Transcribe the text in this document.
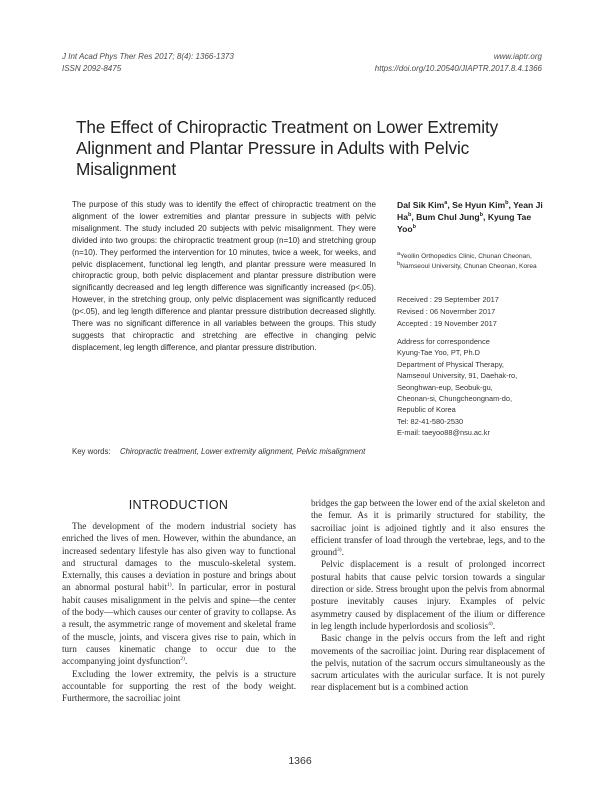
J Int Acad Phys Ther Res 2017; 8(4): 1366-1373
ISSN 2092-8475
www.iaptr.org
https://doi.org/10.20540/JIAPTR.2017.8.4.1366
The Effect of Chiropractic Treatment on Lower Extremity Alignment and Plantar Pressure in Adults with Pelvic Misalignment
The purpose of this study was to identify the effect of chiropractic treatment on the alignment of the lower extremities and plantar pressure in subjects with pelvic misalignment. The study included 20 subjects with pelvic misalignment. They were divided into two groups: the chiropractic treatment group (n=10) and stretching group (n=10). They performed the intervention for 10 minutes, twice a week, for weeks, and pelvic displacement, functional leg length, and plantar pressure were measured In chiropractic group, both pelvic displacement and plantar pressure distribution were significantly decreased and leg length difference was significantly increased (p<.05). However, in the stretching group, only pelvic displacement was significantly reduced (p<.05), and leg length difference and plantar pressure distribution decreased slightly. There was no significant difference in all variables between the groups. This study suggests that chiropractic and stretching are effective in changing pelvic displacement, leg length difference, and plantar pressure distribution.
Dal Sik Kim$^a$, Se Hyun Kim$^b$, Yean Ji Ha$^b$, Bum Chul Jung$^b$, Kyung Tae Yoo$^b$
$^a$Yeollin Orthopedics Clinic, Chunan Cheonan,
$^b$Namseoul University, Chunan Cheonan, Korea
Received : 29 September 2017
Revised : 06 Novermber 2017
Accepted : 19 November 2017
Address for correspondence
Kyung-Tae Yoo, PT, Ph.D
Department of Physical Therapy,
Namseoul University, 91, Daehak-ro,
Seonghwan-eup, Seobuk-gu,
Cheonan-si, Chungcheongnam-do,
Republic of Korea
Tel: 82-41-580-2530
E-mail: taeyoo88@nsu.ac.kr
Key words:	Chiropractic treatment, Lower extremity alignment, Pelvic misalignment
INTRODUCTION

The development of the modern industrial society has enriched the lives of men. However, within the abundance, an increased sedentary lifestyle has also given way to functional and structural damages to the musculo-skeletal system. Externally, this causes a deviation in posture and brings about an abnormal postural habit$^{1)}$. In particular, error in postural habit causes misalignment in the pelvis and spine—the center of the body—which causes our center of gravity to collapse. As a result, the asymmetric range of movement and skeletal frame of the muscle, joints, and viscera gives rise to pain, which in turn causes kinematic change to occur due to the accompanying joint dysfunction$^{2)}$.

Excluding the lower extremity, the pelvis is a structure accountable for supporting the rest of the body weight. Furthermore, the sacroiliac joint

bridges the gap between the lower end of the axial skeleton and the femur. As it is primarily structured for stability, the sacroiliac joint is adjoined tightly and it also ensures the efficient transfer of load through the vertebrae, legs, and to the ground$^{3)}$.

Pelvic displacement is a result of prolonged incorrect postural habits that cause pelvic torsion towards a singular direction or side. Stress brought upon the pelvis from abnormal posture inevitably causes injury. Examples of pelvic asymmetry caused by displacement of the ilium or difference in leg length include hyperlordosis and scoliosis$^{4)}$.

Basic change in the pelvis occurs from the left and right movements of the sacroiliac joint. During rear displacement of the pelvis, nutation of the sacrum occurs simultaneously as the sacrum articulates with the auricular surface. It is not purely rear displacement but is a combined action

1366
